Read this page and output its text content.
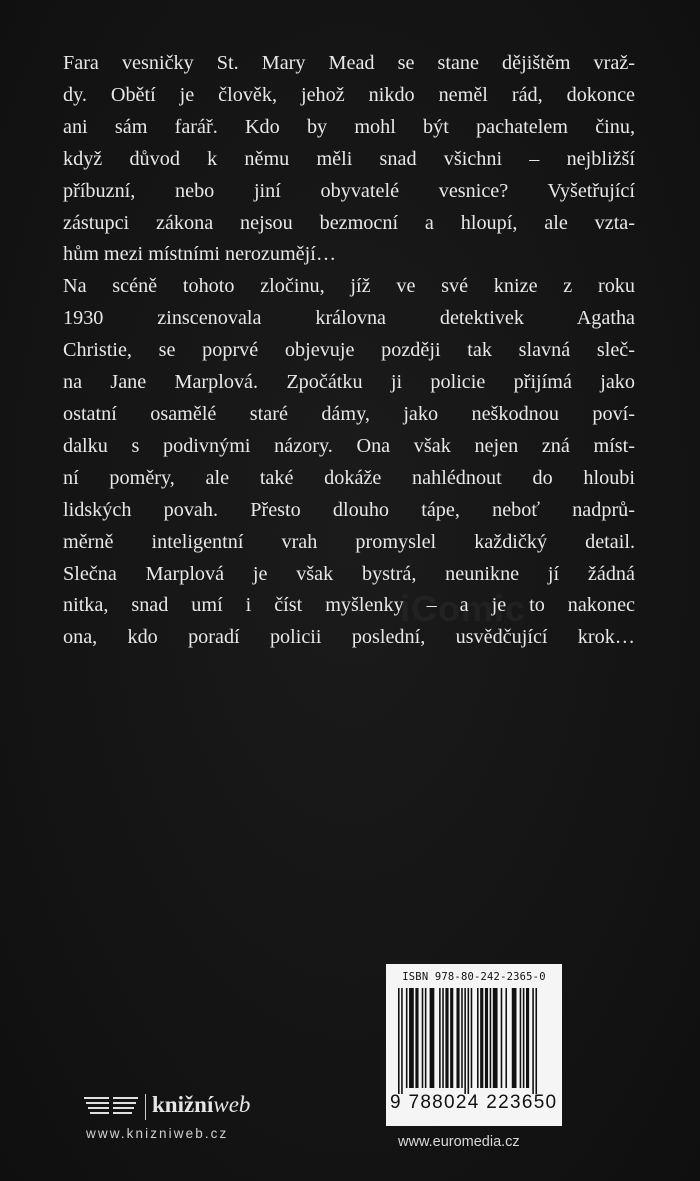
Fara vesničky St. Mary Mead se stane dějištěm vraž-
dy. Obětí je člověk, jehož nikdo neměl rád, dokonce
ani sám farář. Kdo by mohl být pachatelem činu,
když důvod k němu měli snad všichni – nejbližší
příbuzní, nebo jiní obyvatelé vesnice? Vyšetřující
zástupci zákona nejsou bezmocní a hloupí, ale vzta-
hům mezi místními nerozumějí…
Na scéně tohoto zločinu, jíž ve své knize z roku
1930 zinscenovala královna detektivek Agatha
Christie, se poprvé objevuje později tak slavná sleč-
na Jane Marplová. Zpočátku ji policie přijímá jako
ostatní osamělé staré dámy, jako neškodnou poví-
dalku s podivnými názory. Ona však nejen zná míst-
ní poměry, ale také dokáže nahlédnout do hloubi
lidských povah. Přesto dlouho tápe, neboť nadprů-
měrně inteligentní vrah promyslel každičký detail.
Slečna Marplová je však bystrá, neunikne jí žádná
nitka, snad umí i číst myšlenky – a je to nakonec
ona, kdo poradí policii poslední, usvědčující krok…
knižníweb
www.knizniweb.cz
ISBN 978-80-242-2365-0
9 788024 223650
www.euromedia.cz
